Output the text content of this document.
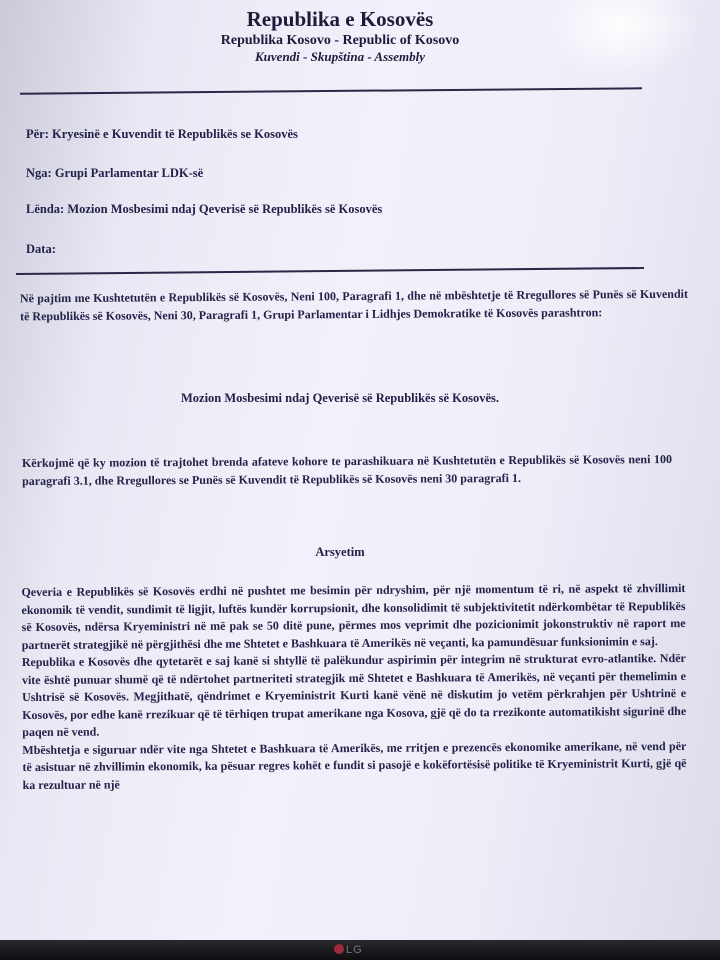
Republika e Kosovës
Republika Kosovo - Republic of Kosovo
Kuvendi - Skupština - Assembly
Për: Kryesinë e Kuvendit të Republikës se Kosovës
Nga: Grupi Parlamentar LDK-së
Lënda: Mozion Mosbesimi ndaj Qeverisë së Republikës së Kosovës
Data:
Në pajtim me Kushtetutën e Republikës së Kosovës, Neni 100, Paragrafi 1, dhe në mbështetje të Rregullores së Punës së Kuvendit të Republikës së Kosovës, Neni 30, Paragrafi 1, Grupi Parlamentar i Lidhjes Demokratike të Kosovës parashtron:
Mozion Mosbesimi ndaj Qeverisë së Republikës së Kosovës.
Kërkojmë që ky mozion të trajtohet brenda afateve kohore te parashikuara në Kushtetutën e Republikës së Kosovës neni 100 paragrafi 3.1, dhe Rregullores se Punës së Kuvendit të Republikës së Kosovës neni 30 paragrafi 1.
Arsyetim
Qeveria e Republikës së Kosovës erdhi në pushtet me besimin për ndryshim, për një momentum të ri, në aspekt të zhvillimit ekonomik të vendit, sundimit të ligjit, luftës kundër korrupsionit, dhe konsolidimit të subjektivitetit ndërkombëtar të Republikës së Kosovës, ndërsa Kryeministri në më pak se 50 ditë pune, përmes mos veprimit dhe pozicionimit jokonstruktiv në raport me partnerët strategjikë në përgjithësi dhe me Shtetet e Bashkuara të Amerikës në veçanti, ka pamundësuar funksionimin e saj.
Republika e Kosovës dhe qytetarët e saj kanë si shtyllë të palëkundur aspirimin për integrim në strukturat evro-atlantike. Ndër vite është punuar shumë që të ndërtohet partneriteti strategjik më Shtetet e Bashkuara të Amerikës, në veçanti për themelimin e Ushtrisë së Kosovës. Megjithatë, qëndrimet e Kryeministrit Kurti kanë vënë në diskutim jo vetëm përkrahjen për Ushtrinë e Kosovës, por edhe kanë rrezikuar që të tërhiqen trupat amerikane nga Kosova, gjë që do ta rrezikonte automatikisht sigurinë dhe paqen në vend.
Mbështetja e siguruar ndër vite nga Shtetet e Bashkuara të Amerikës, me rritjen e prezencës ekonomike amerikane, në vend për të asistuar në zhvillimin ekonomik, ka pësuar regres kohët e fundit si pasojë e kokëfortësisë politike të Kryeministrit Kurti, gjë që ka rezultuar në një
LG
